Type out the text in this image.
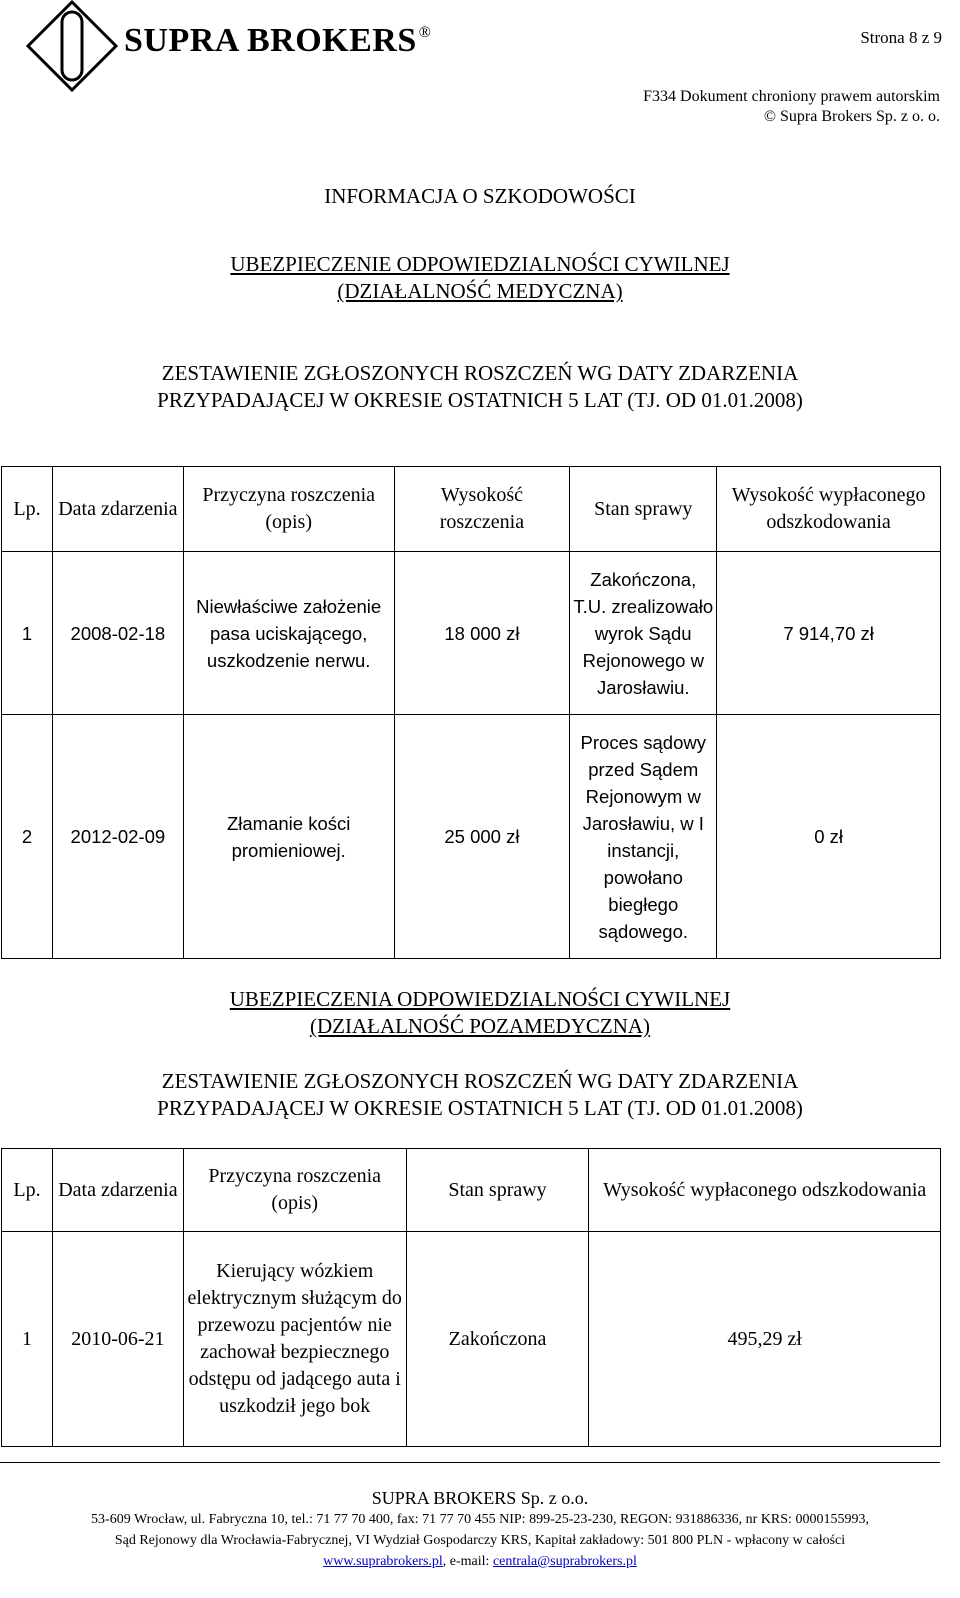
SUPRA BROKERS ®	Strona 8 z 9
F334 Dokument chroniony prawem autorskim
© Supra Brokers Sp. z o. o.
INFORMACJA O SZKODOWOŚCI
UBEZPIECZENIE ODPOWIEDZIALNOŚCI CYWILNEJ
(DZIAŁALNOŚĆ MEDYCZNA)
ZESTAWIENIE ZGŁOSZONYCH ROSZCZEŃ WG DATY ZDARZENIA
PRZYPADAJĄCEJ W OKRESIE OSTATNICH 5 LAT (TJ. OD 01.01.2008)
Lp.	Data zdarzenia	Przyczyna roszczenia (opis)	Wysokość roszczenia	Stan sprawy	Wysokość wypłaconego odszkodowania
1	2008-02-18	Niewłaściwe założenie pasa uciskającego, uszkodzenie nerwu.	18 000 zł	Zakończona, T.U. zrealizowało wyrok Sądu Rejonowego w Jarosławiu.	7 914,70 zł
2	2012-02-09	Złamanie kości promieniowej.	25 000 zł	Proces sądowy przed Sądem Rejonowym w Jarosławiu, w I instancji, powołano biegłego sądowego.	0 zł
UBEZPIECZENIA ODPOWIEDZIALNOŚCI CYWILNEJ
(DZIAŁALNOŚĆ POZAMEDYCZNA)
ZESTAWIENIE ZGŁOSZONYCH ROSZCZEŃ WG DATY ZDARZENIA
PRZYPADAJĄCEJ W OKRESIE OSTATNICH 5 LAT (TJ. OD 01.01.2008)
Lp.	Data zdarzenia	Przyczyna roszczenia (opis)	Stan sprawy	Wysokość wypłaconego odszkodowania
1	2010-06-21	Kierujący wózkiem elektrycznym służącym do przewozu pacjentów nie zachował bezpiecznego odstępu od jadącego auta i uszkodził jego bok	Zakończona	495,29 zł
SUPRA BROKERS Sp. z o.o.
53-609 Wrocław, ul. Fabryczna 10, tel.: 71 77 70 400, fax: 71 77 70 455 NIP: 899-25-23-230, REGON: 931886336, nr KRS: 0000155993,
Sąd Rejonowy dla Wrocławia-Fabrycznej, VI Wydział Gospodarczy KRS, Kapitał zakładowy: 501 800 PLN - wpłacony w całości
www.suprabrokers.pl, e-mail: centrala@suprabrokers.pl
